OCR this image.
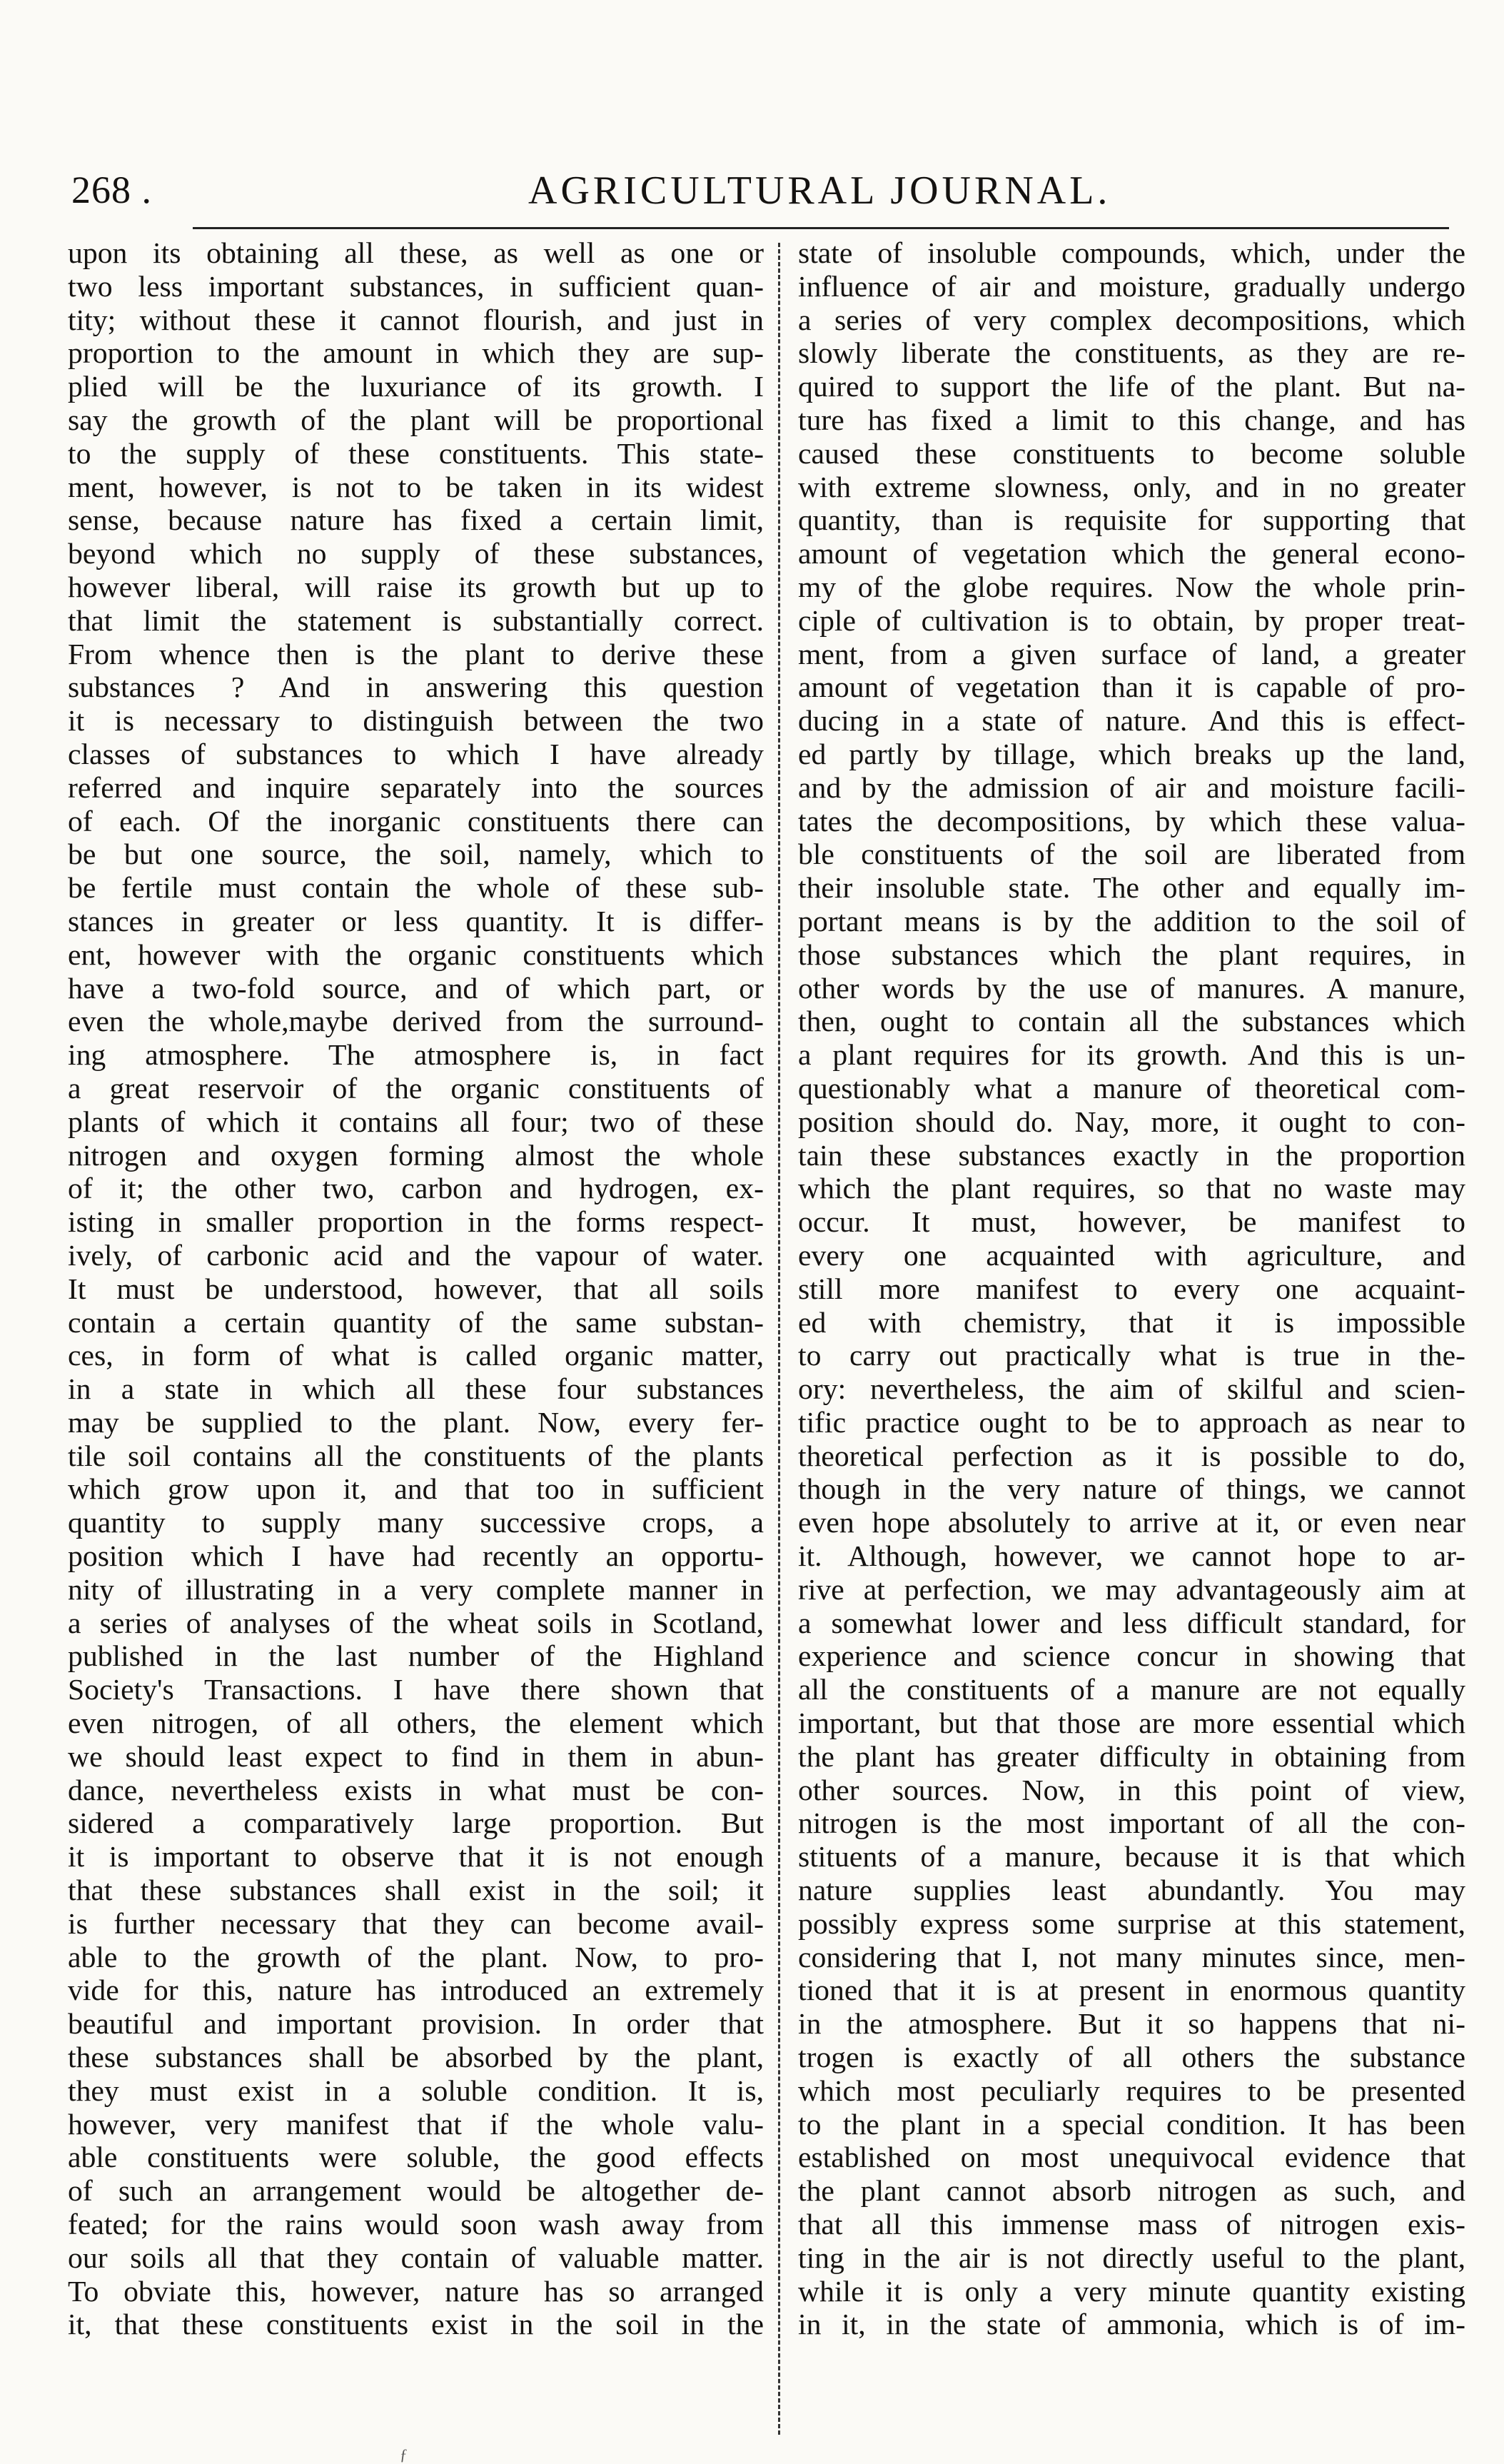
268 .	AGRICULTURAL JOURNAL.
upon its obtaining all these, as well as one or
two less important substances, in sufficient quan-
tity; without these it cannot flourish, and just in
proportion to the amount in which they are sup-
plied will be the luxuriance of its growth. I
say the growth of the plant will be proportional
to the supply of these constituents. This state-
ment, however, is not to be taken in its widest
sense, because nature has fixed a certain limit,
beyond which no supply of these substances,
however liberal, will raise its growth but up to
that limit the statement is substantially correct.
From whence then is the plant to derive these
substances ? And in answering this question
it is necessary to distinguish between the two
classes of substances to which I have already
referred and inquire separately into the sources
of each. Of the inorganic constituents there can
be but one source, the soil, namely, which to
be fertile must contain the whole of these sub-
stances in greater or less quantity. It is differ-
ent, however with the organic constituents which
have a two-fold source, and of which part, or
even the whole,maybe derived from the surround-
ing atmosphere. The atmosphere is, in fact
a great reservoir of the organic constituents of
plants of which it contains all four; two of these
nitrogen and oxygen forming almost the whole
of it; the other two, carbon and hydrogen, ex-
isting in smaller proportion in the forms respect-
ively, of carbonic acid and the vapour of water.
It must be understood, however, that all soils
contain a certain quantity of the same substan-
ces, in form of what is called organic matter,
in a state in which all these four substances
may be supplied to the plant. Now, every fer-
tile soil contains all the constituents of the plants
which grow upon it, and that too in sufficient
quantity to supply many successive crops, a
position which I have had recently an opportu-
nity of illustrating in a very complete manner in
a series of analyses of the wheat soils in Scotland,
published in the last number of the Highland
Society's Transactions. I have there shown that
even nitrogen, of all others, the element which
we should least expect to find in them in abun-
dance, nevertheless exists in what must be con-
sidered a comparatively large proportion. But
it is important to observe that it is not enough
that these substances shall exist in the soil; it
is further necessary that they can become avail-
able to the growth of the plant. Now, to pro-
vide for this, nature has introduced an extremely
beautiful and important provision. In order that
these substances shall be absorbed by the plant,
they must exist in a soluble condition. It is,
however, very manifest that if the whole valu-
able constituents were soluble, the good effects
of such an arrangement would be altogether de-
feated; for the rains would soon wash away from
our soils all that they contain of valuable matter.
To obviate this, however, nature has so arranged
it, that these constituents exist in the soil in the
state of insoluble compounds, which, under the
influence of air and moisture, gradually undergo
a series of very complex decompositions, which
slowly liberate the constituents, as they are re-
quired to support the life of the plant. But na-
ture has fixed a limit to this change, and has
caused these constituents to become soluble
with extreme slowness, only, and in no greater
quantity, than is requisite for supporting that
amount of vegetation which the general econo-
my of the globe requires. Now the whole prin-
ciple of cultivation is to obtain, by proper treat-
ment, from a given surface of land, a greater
amount of vegetation than it is capable of pro-
ducing in a state of nature. And this is effect-
ed partly by tillage, which breaks up the land,
and by the admission of air and moisture facili-
tates the decompositions, by which these valua-
ble constituents of the soil are liberated from
their insoluble state. The other and equally im-
portant means is by the addition to the soil of
those substances which the plant requires, in
other words by the use of manures. A manure,
then, ought to contain all the substances which
a plant requires for its growth. And this is un-
questionably what a manure of theoretical com-
position should do. Nay, more, it ought to con-
tain these substances exactly in the proportion
which the plant requires, so that no waste may
occur. It must, however, be manifest to
every one acquainted with agriculture, and
still more manifest to every one acquaint-
ed with chemistry, that it is impossible
to carry out practically what is true in the-
ory: nevertheless, the aim of skilful and scien-
tific practice ought to be to approach as near to
theoretical perfection as it is possible to do,
though in the very nature of things, we cannot
even hope absolutely to arrive at it, or even near
it. Although, however, we cannot hope to ar-
rive at perfection, we may advantageously aim at
a somewhat lower and less difficult standard, for
experience and science concur in showing that
all the constituents of a manure are not equally
important, but that those are more essential which
the plant has greater difficulty in obtaining from
other sources. Now, in this point of view,
nitrogen is the most important of all the con-
stituents of a manure, because it is that which
nature supplies least abundantly. You may
possibly express some surprise at this statement,
considering that I, not many minutes since, men-
tioned that it is at present in enormous quantity
in the atmosphere. But it so happens that ni-
trogen is exactly of all others the substance
which most peculiarly requires to be presented
to the plant in a special condition. It has been
established on most unequivocal evidence that
the plant cannot absorb nitrogen as such, and
that all this immense mass of nitrogen exis-
ting in the air is not directly useful to the plant,
while it is only a very minute quantity existing
in it, in the state of ammonia, which is of im-
ƒ
